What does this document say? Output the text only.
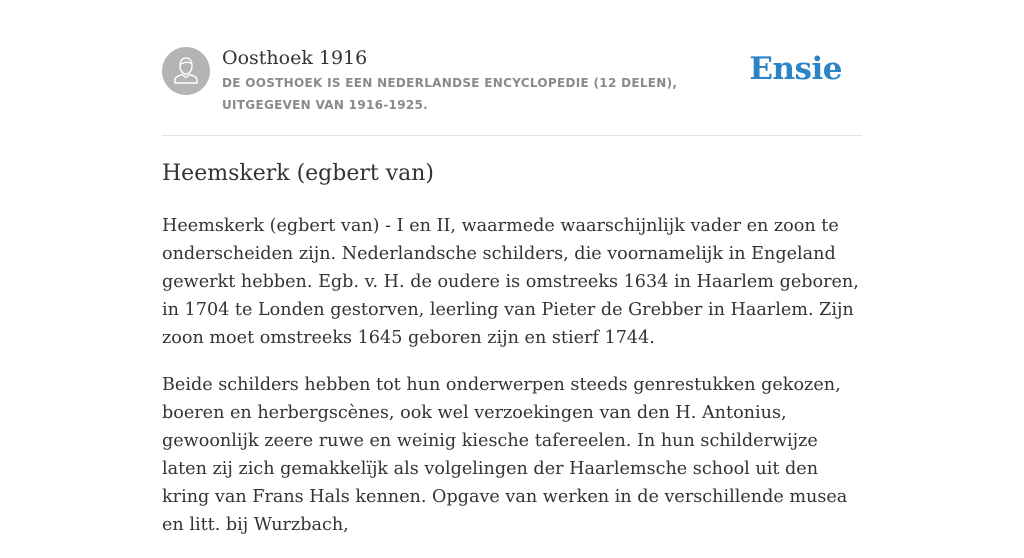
Oosthoek 1916
DE OOSTHOEK IS EEN NEDERLANDSE ENCYCLOPEDIE (12 DELEN), UITGEGEVEN VAN 1916-1925.
Ensie
Heemskerk (egbert van)

Heemskerk (egbert van) - I en II, waarmede waarschijnlijk vader en zoon te onderscheiden zijn. Nederlandsche schilders, die voornamelijk in Engeland gewerkt hebben. Egb. v. H. de oudere is omstreeks 1634 in Haarlem geboren, in 1704 te Londen gestorven, leerling van Pieter de Grebber in Haarlem. Zijn zoon moet omstreeks 1645 geboren zijn en stierf 1744.

Beide schilders hebben tot hun onderwerpen steeds genrestukken gekozen, boeren en herbergscènes, ook wel verzoekingen van den H. Antonius, gewoonlijk zeere ruwe en weinig kiesche tafereelen. In hun schilderwijze laten zij zich gemakkelïjk als volgelingen der Haarlemsche school uit den kring van Frans Hals kennen. Opgave van werken in de verschillende musea en litt. bij Wurzbach,
